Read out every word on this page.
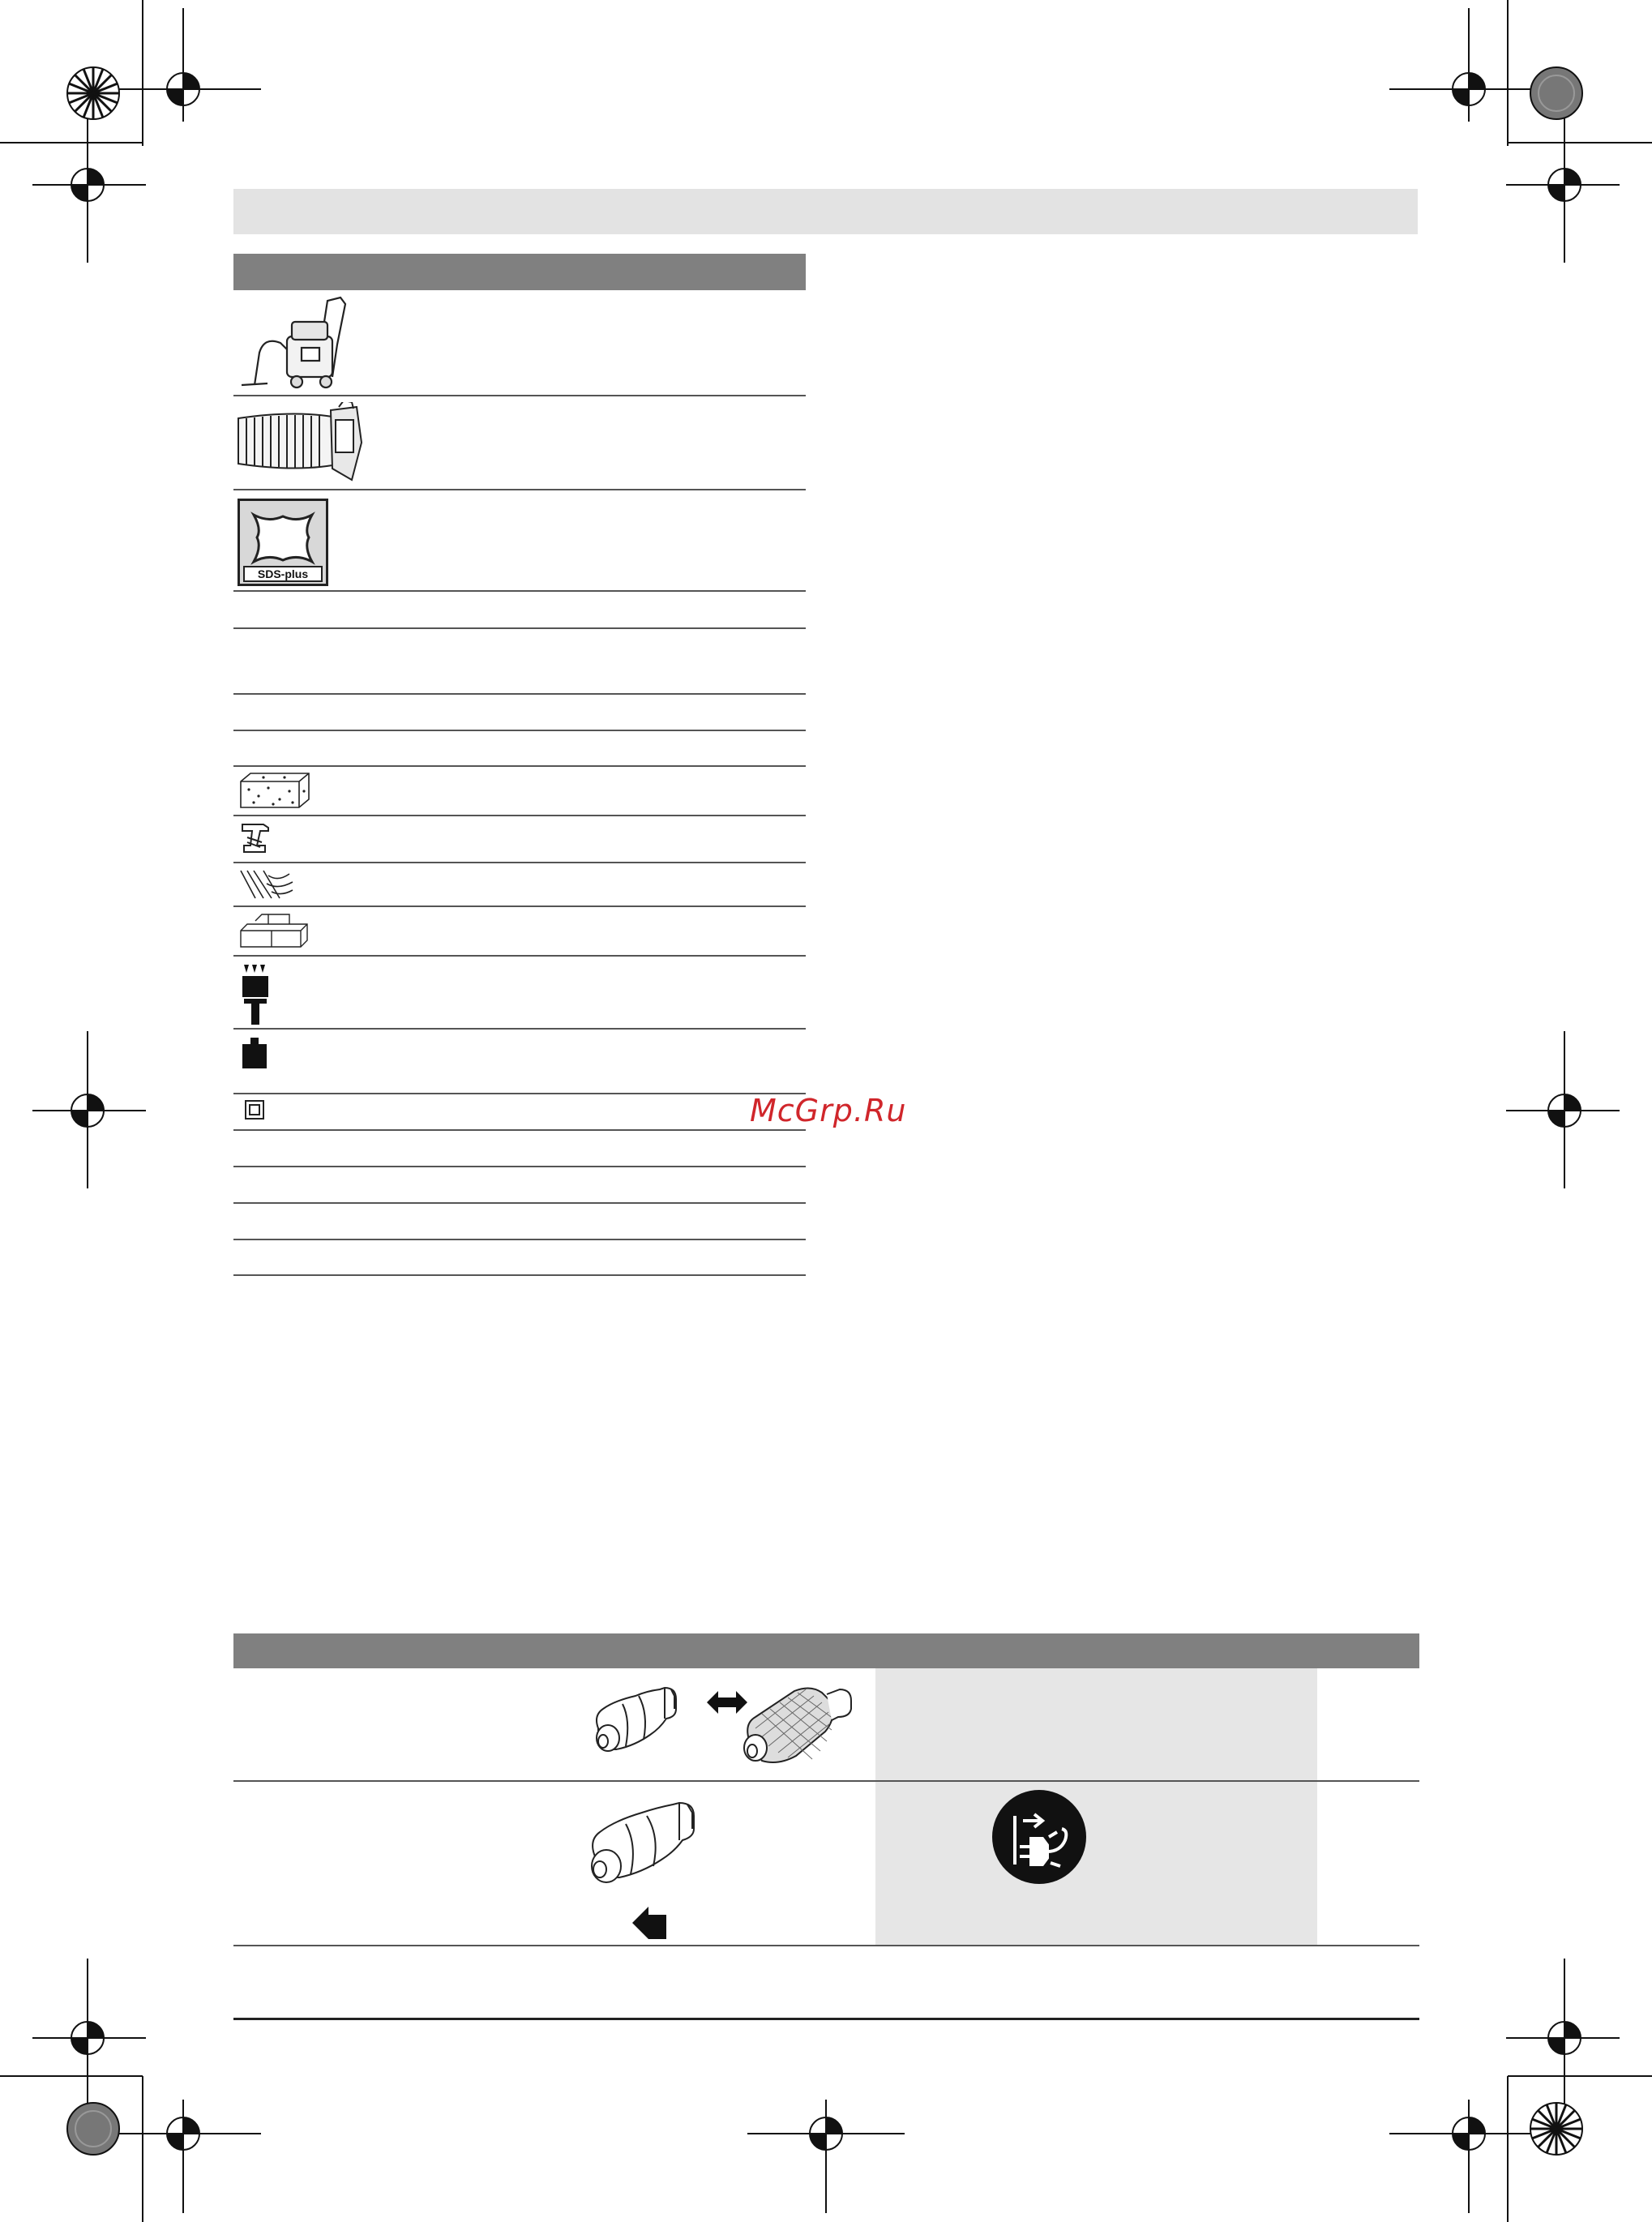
SDS-plus
McGrp.Ru
